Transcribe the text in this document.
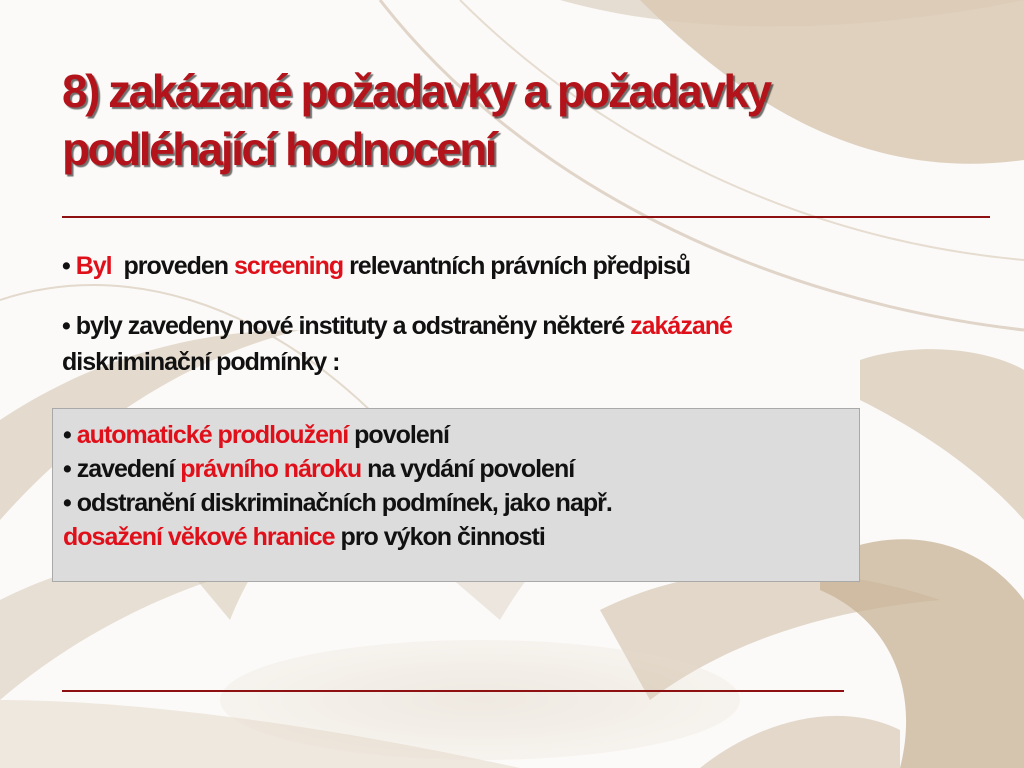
8) zakázané požadavky a požadavky podléhající hodnocení

• Byl proveden screening relevantních právních předpisů

• byly zavedeny nové instituty a odstranĕny nĕkteré zakázané
diskriminační podmínky :

• automatické prodloužení povolení
• zavedení právního nároku na vydání povolení
• odstranĕní diskriminačních podmínek, jako např.
dosažení vĕkové hranice pro výkon činnosti
